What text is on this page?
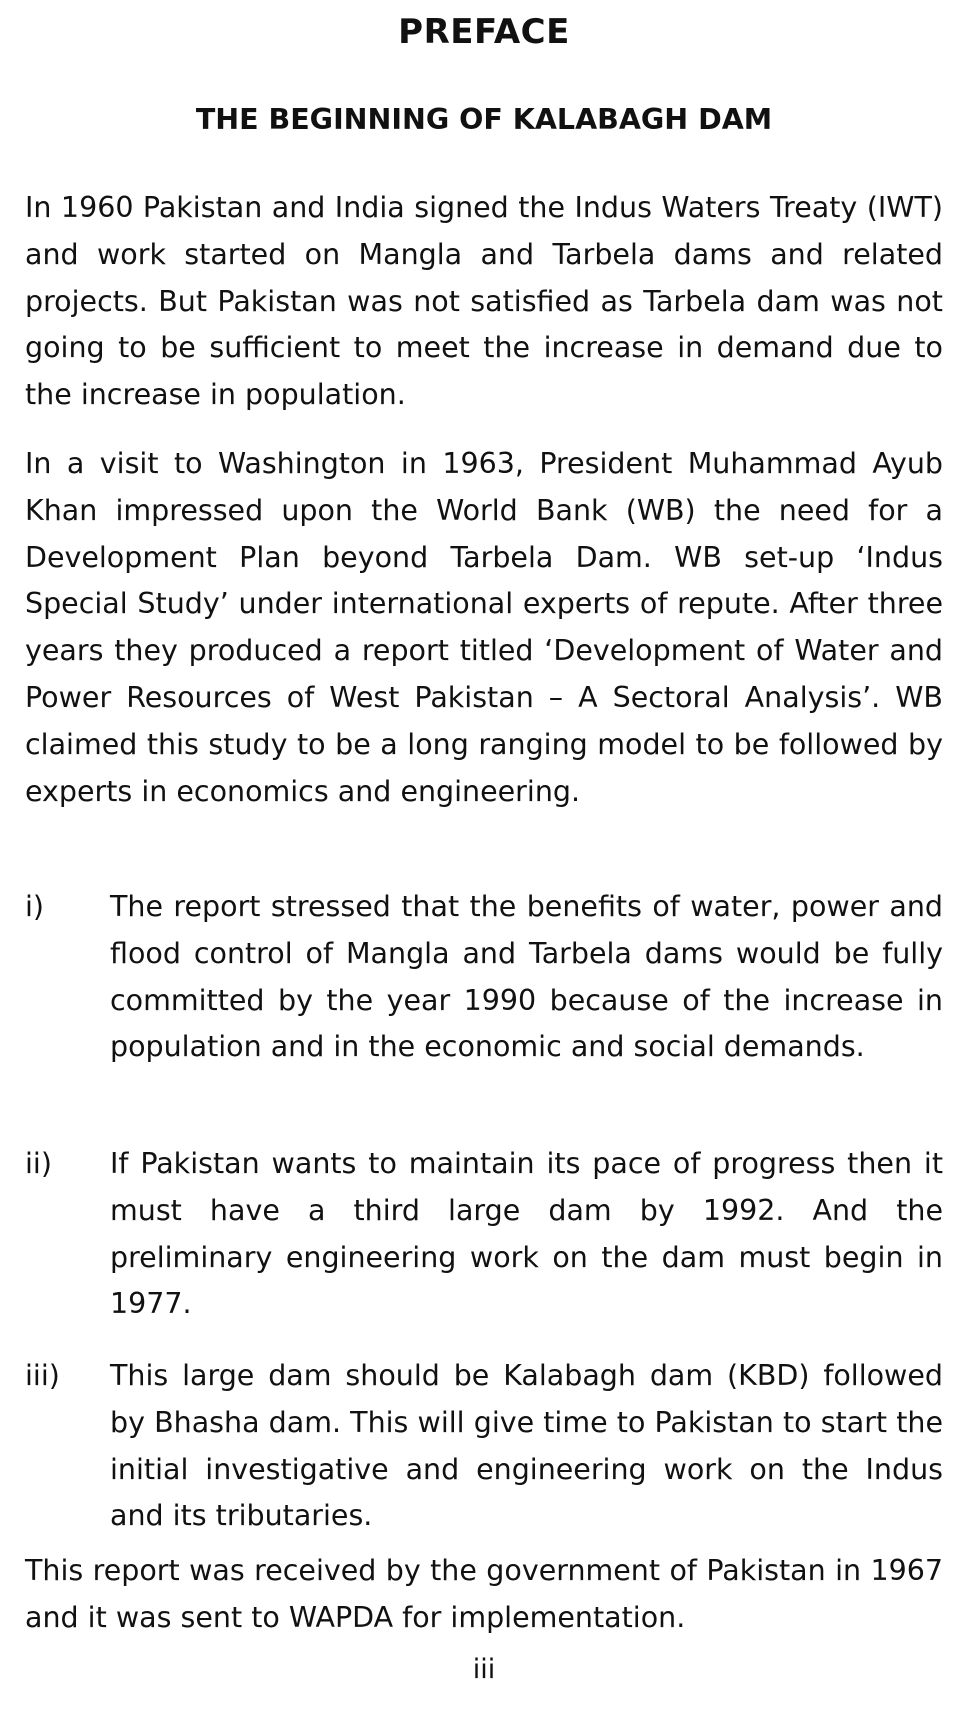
PREFACE
THE BEGINNING OF KALABAGH DAM

In 1960 Pakistan and India signed the Indus Waters Treaty (IWT) and work started on Mangla and Tarbela dams and related projects. But Pakistan was not satisfied as Tarbela dam was not going to be sufficient to meet the increase in demand due to the increase in population.

In a visit to Washington in 1963, President Muhammad Ayub Khan impressed upon the World Bank (WB) the need for a Development Plan beyond Tarbela Dam. WB set-up ‘Indus Special Study’ under international experts of repute. After three years they produced a report titled ‘Development of Water and Power Resources of West Pakistan – A Sectoral Analysis’. WB claimed this study to be a long ranging model to be followed by experts in economics and engineering.

i) The report stressed that the benefits of water, power and flood control of Mangla and Tarbela dams would be fully committed by the year 1990 because of the increase in population and in the economic and social demands.

ii) If Pakistan wants to maintain its pace of progress then it must have a third large dam by 1992. And the preliminary engineering work on the dam must begin in 1977.

iii) This large dam should be Kalabagh dam (KBD) followed by Bhasha dam. This will give time to Pakistan to start the initial investigative and engineering work on the Indus and its tributaries.

This report was received by the government of Pakistan in 1967 and it was sent to WAPDA for implementation.

iii
